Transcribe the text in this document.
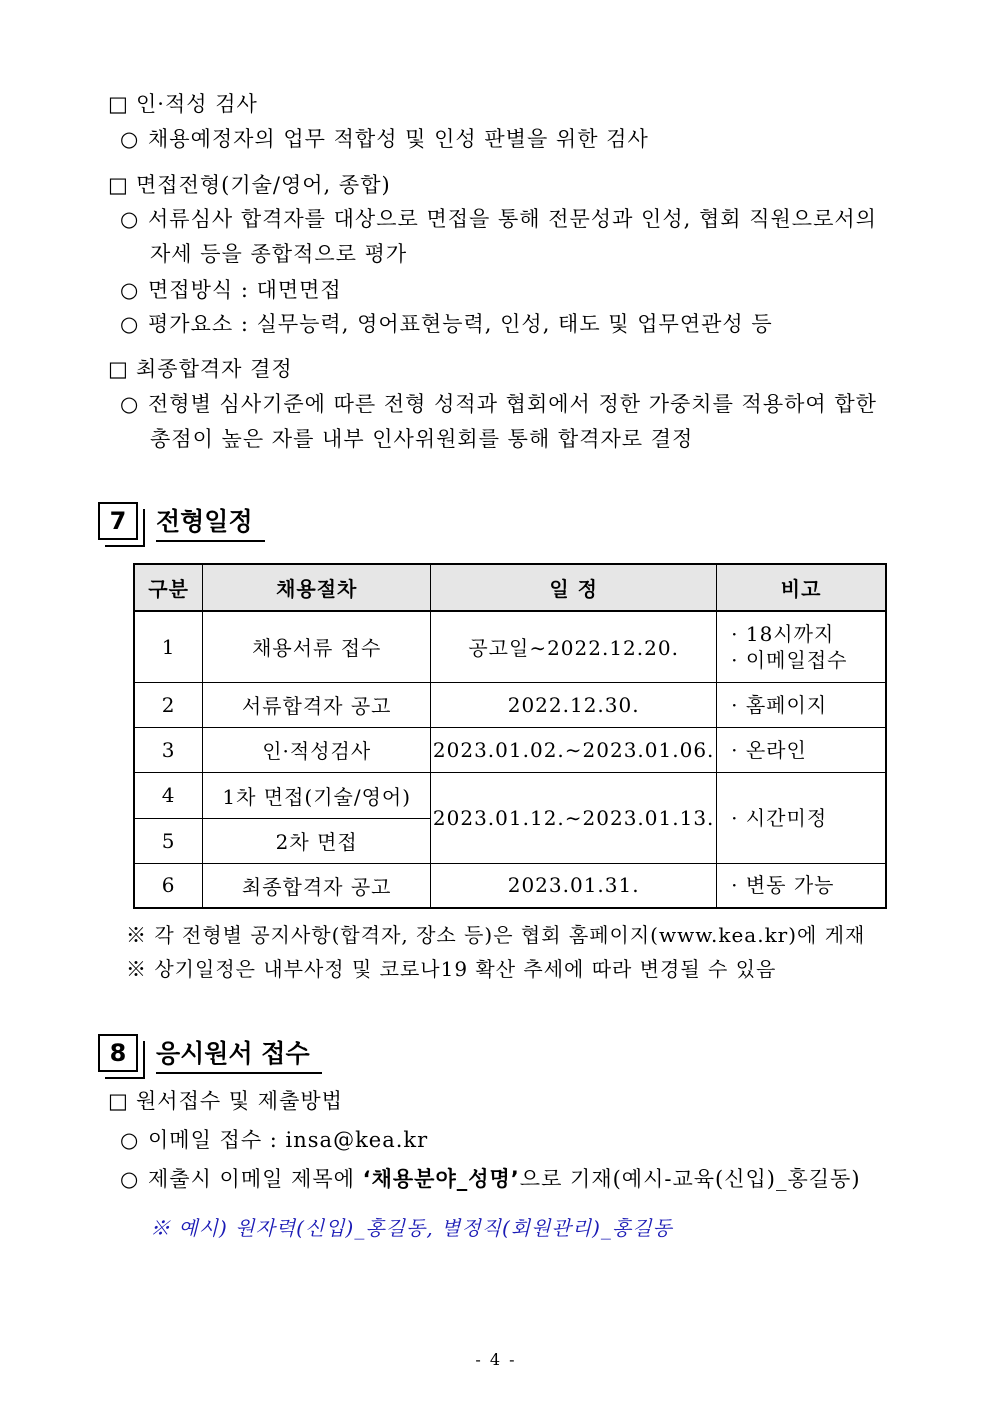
□ 인·적성 검사
○ 채용예정자의 업무 적합성 및 인성 판별을 위한 검사
□ 면접전형(기술/영어, 종합)
○ 서류심사 합격자를 대상으로 면접을 통해 전문성과 인성, 협회 직원으로서의
자세 등을 종합적으로 평가
○ 면접방식 : 대면면접
○ 평가요소 : 실무능력, 영어표현능력, 인성, 태도 및 업무연관성 등
□ 최종합격자 결정
○ 전형별 심사기준에 따른 전형 성적과 협회에서 정한 가중치를 적용하여 합한
총점이 높은 자를 내부 인사위원회를 통해 합격자로 결정
7	전형일정
구분	채용절차	일 정	비고
1	채용서류 접수	공고일∼2022.12.20.	· 18시까지
· 이메일접수

2	서류합격자 공고	2022.12.30.	· 홈페이지
3	인·적성검사	2023.01.02.∼2023.01.06.	· 온라인
4	1차 면접(기술/영어)	2023.01.12.∼2023.01.13.	· 시간미정
5	2차 면접		
6	최종합격자 공고	2023.01.31.	· 변동 가능
※ 각 전형별 공지사항(합격자, 장소 등)은 협회 홈페이지(www.kea.kr)에 게재
※ 상기일정은 내부사정 및 코로나19 확산 추세에 따라 변경될 수 있음
8	응시원서 접수
□ 원서접수 및 제출방법
○ 이메일 접수 : insa@kea.kr
○ 제출시 이메일 제목에 ‘채용분야_성명’으로 기재(예시-교육(신입)_홍길동)
※ 예시) 원자력(신입)_홍길동, 별정직(회원관리)_홍길동
- 4 -
